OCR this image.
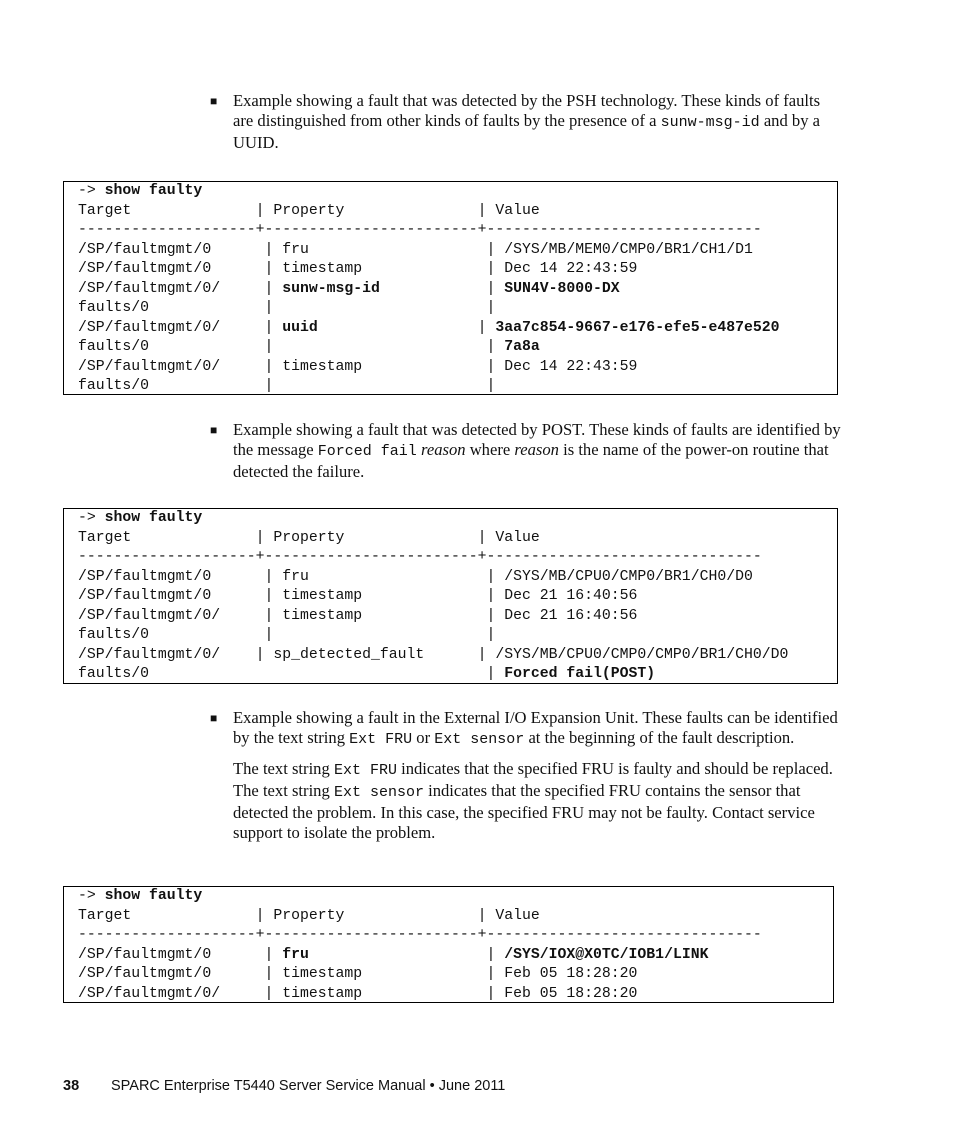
■ Example showing a fault that was detected by the PSH technology. These kinds of faults are distinguished from other kinds of faults by the presence of a sunw-msg-id and by a UUID.

-> show faulty
Target              | Property               | Value
--------------------+------------------------+-------------------------------
/SP/faultmgmt/0      | fru                    | /SYS/MB/MEM0/CMP0/BR1/CH1/D1
/SP/faultmgmt/0      | timestamp              | Dec 14 22:43:59
/SP/faultmgmt/0/     | sunw-msg-id            | SUN4V-8000-DX
faults/0             |                        |
/SP/faultmgmt/0/     | uuid                  | 3aa7c854-9667-e176-efe5-e487e520
faults/0             |                        | 7a8a
/SP/faultmgmt/0/     | timestamp              | Dec 14 22:43:59
faults/0             |                        |
■ Example showing a fault that was detected by POST. These kinds of faults are identified by the message Forced fail reason where reason is the name of the power-on routine that detected the failure.

-> show faulty
Target              | Property               | Value
--------------------+------------------------+-------------------------------
/SP/faultmgmt/0      | fru                    | /SYS/MB/CPU0/CMP0/BR1/CH0/D0
/SP/faultmgmt/0      | timestamp              | Dec 21 16:40:56
/SP/faultmgmt/0/     | timestamp              | Dec 21 16:40:56
faults/0             |                        |
/SP/faultmgmt/0/    | sp_detected_fault      | /SYS/MB/CPU0/CMP0/CMP0/BR1/CH0/D0
faults/0                                      | Forced fail(POST)
■ Example showing a fault in the External I/O Expansion Unit. These faults can be identified by the text string Ext FRU or Ext sensor at the beginning of the fault description.

The text string Ext FRU indicates that the specified FRU is faulty and should be replaced. The text string Ext sensor indicates that the specified FRU contains the sensor that detected the problem. In this case, the specified FRU may not be faulty. Contact service support to isolate the problem.

-> show faulty
Target              | Property               | Value
--------------------+------------------------+-------------------------------
/SP/faultmgmt/0      | fru                    | /SYS/IOX@X0TC/IOB1/LINK
/SP/faultmgmt/0      | timestamp              | Feb 05 18:28:20
/SP/faultmgmt/0/     | timestamp              | Feb 05 18:28:20
38 SPARC Enterprise T5440 Server Service Manual • June 2011
